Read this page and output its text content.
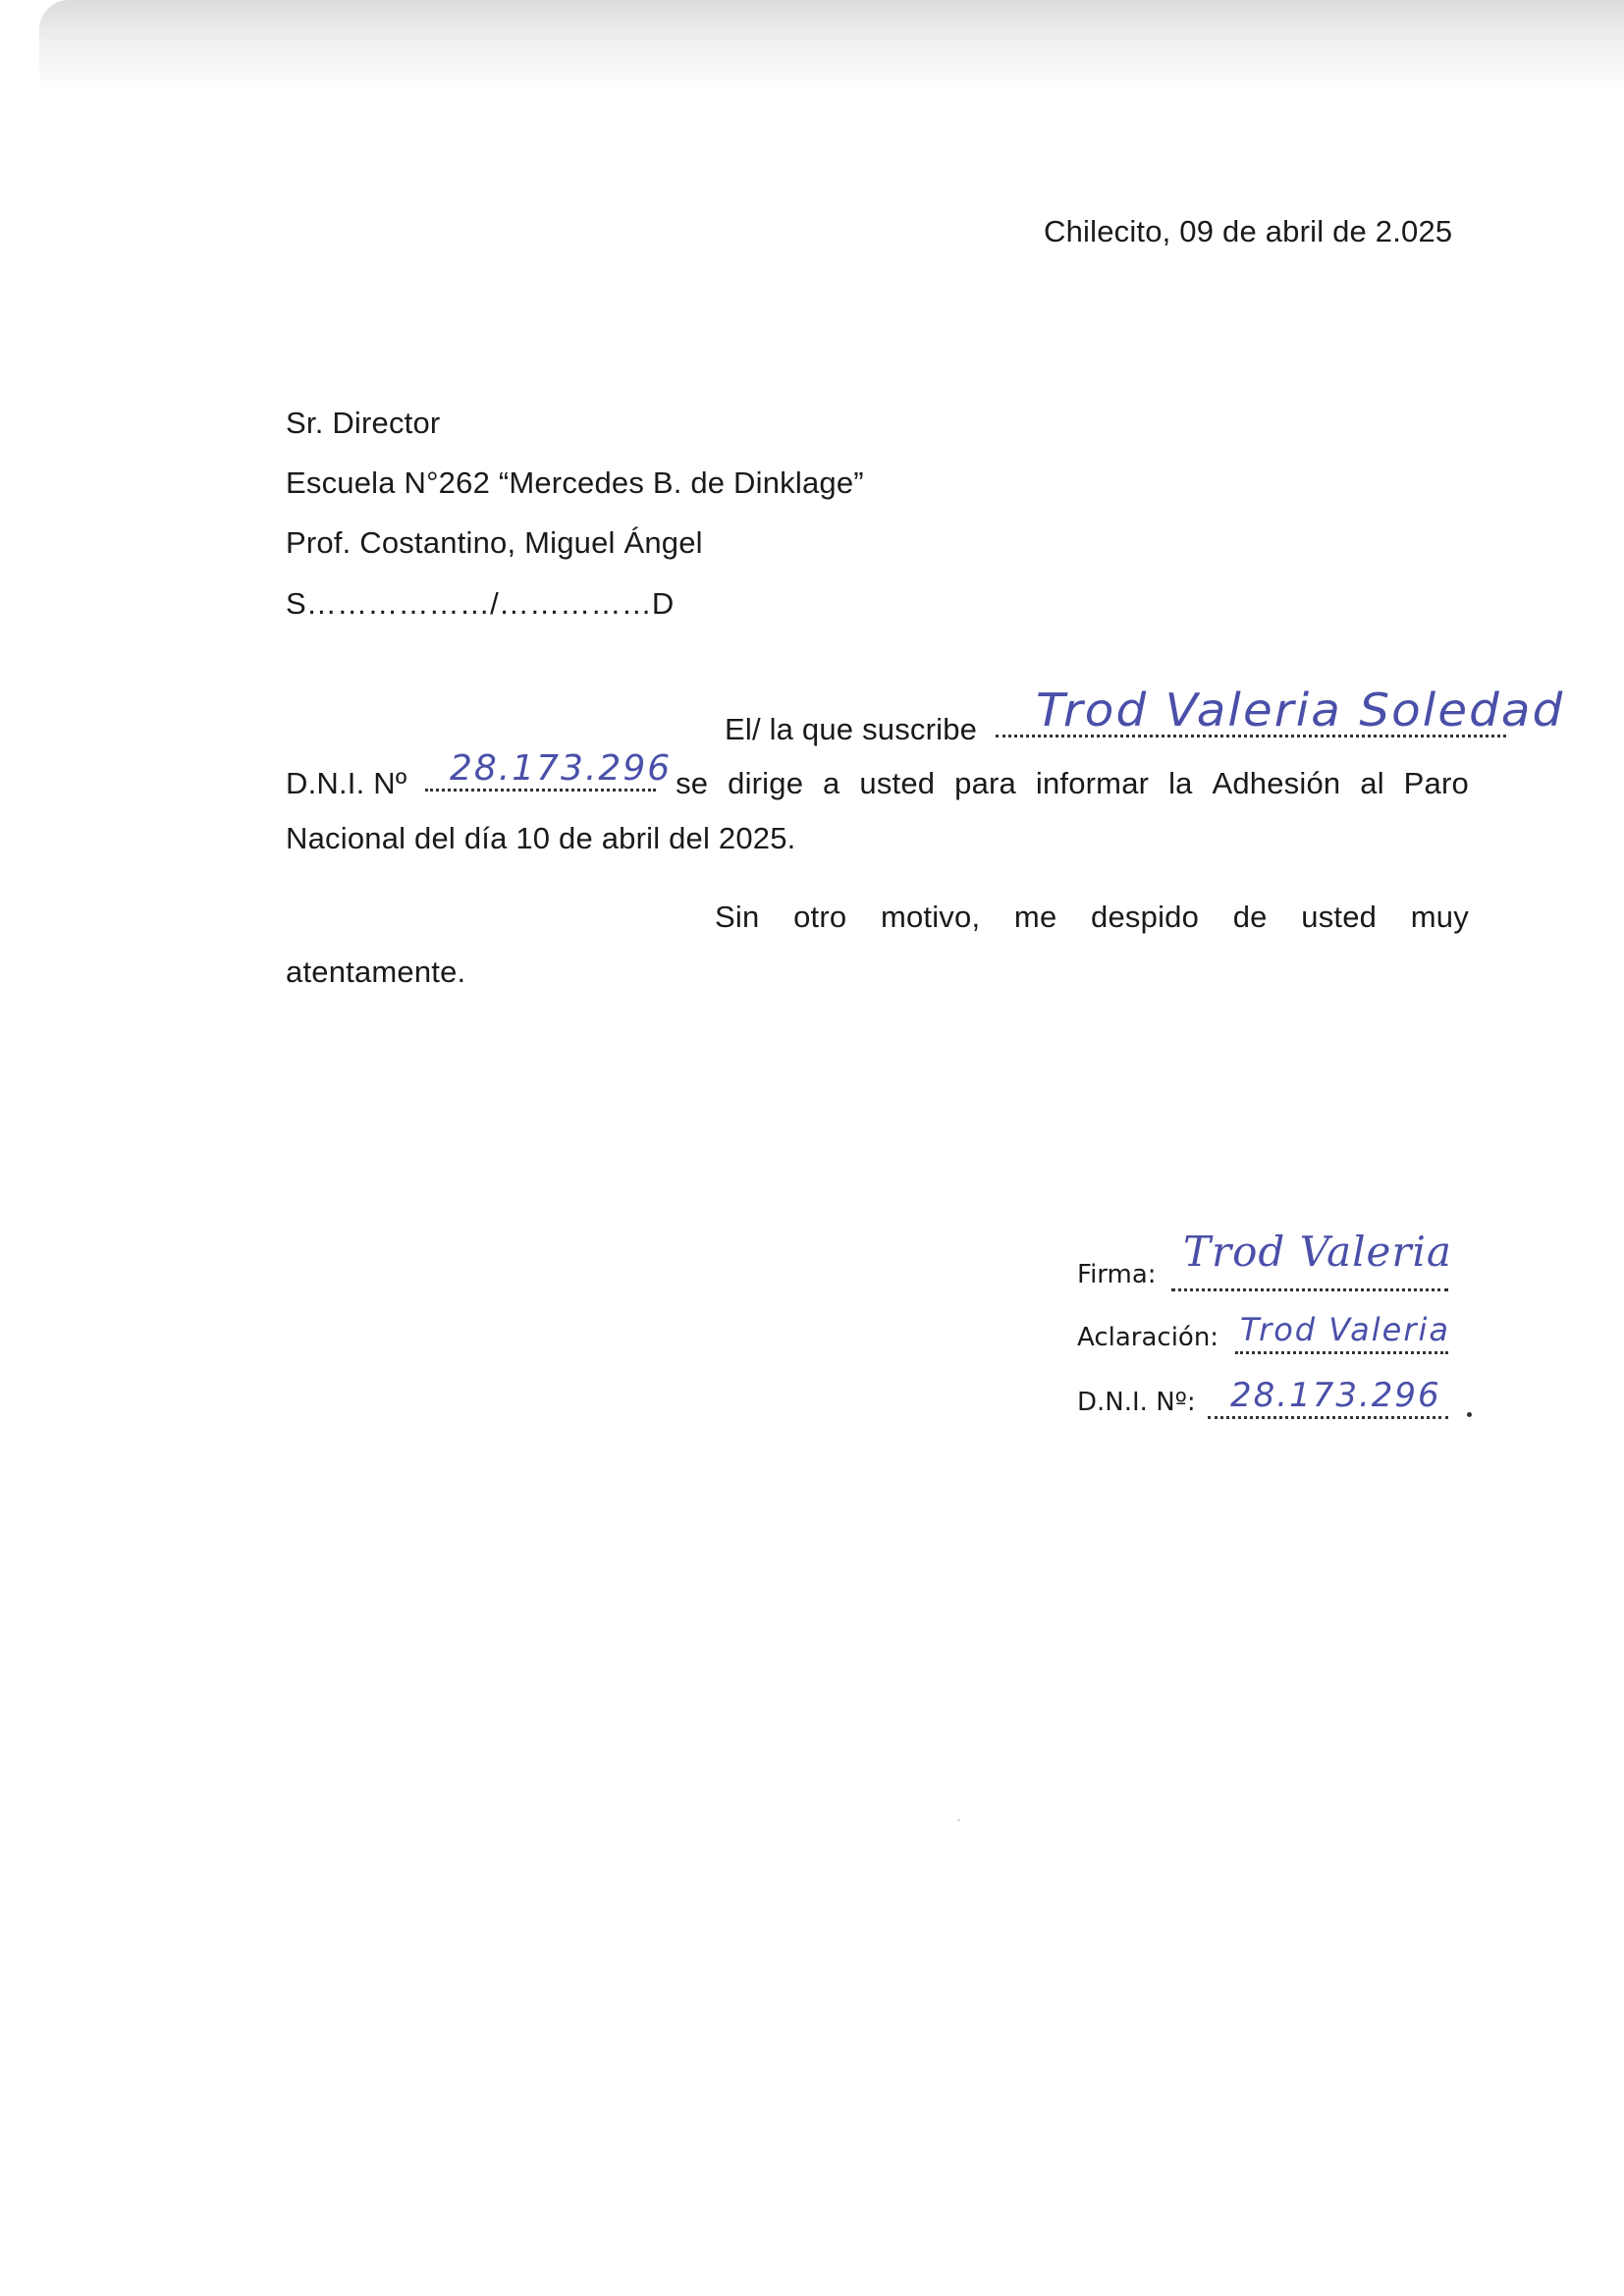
Chilecito, 09 de abril de 2.025
Sr. Director
Escuela N°262 “Mercedes B. de Dinklage”
Prof. Costantino, Miguel Ángel
S………………/……………D
El/ la que suscribe	Trod Valeria Soledad
D.N.I. Nº	se dirige a usted para informar la Adhesión al Paro
28.173.296
Nacional del día 10 de abril del 2025.
Sin otro motivo, me despido de usted muy
atentamente.
Firma: Trod Valeria
Aclaración: Trod Valeria
D.N.I. Nº: 28.173.296
